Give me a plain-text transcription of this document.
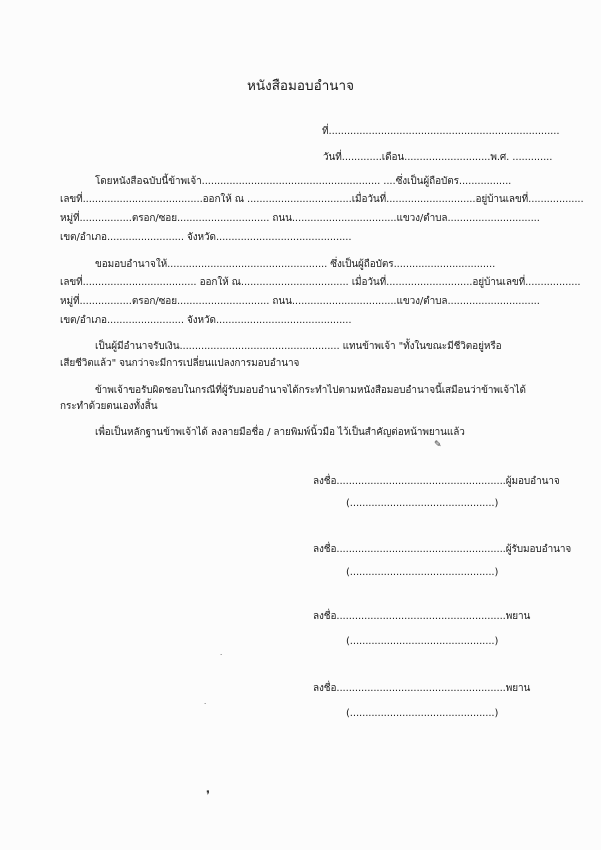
หนังสือมอบอำนาจ
ที่...........................................................................
วันที่.............เดือน............................พ.ศ. .............
โดยหนังสือฉบับนี้ข้าพเจ้า.......................................................... ....ซึ่งเป็นผู้ถือบัตร.................
เลขที่.......................................ออกให้ ณ ..................................เมื่อวันที่.............................อยู่บ้านเลขที่..................
หมู่ที่.................ตรอก/ซอย.............................. ถนน..................................แขวง/ตำบล..............................
เขต/อำเภอ......................... จังหวัด............................................
ขอมอบอำนาจให้.................................................... ซึ่งเป็นผู้ถือบัตร.................................
เลขที่..................................... ออกให้ ณ................................... เมื่อวันที่............................อยู่บ้านเลขที่..................
หมู่ที่.................ตรอก/ซอย.............................. ถนน..................................แขวง/ตำบล..............................
เขต/อำเภอ......................... จังหวัด............................................
เป็นผู้มีอำนาจรับเงิน.................................................... แทนข้าพเจ้า "ทั้งในขณะมีชีวิตอยู่หรือ
เสียชีวิตแล้ว" จนกว่าจะมีการเปลี่ยนแปลงการมอบอำนาจ
ข้าพเจ้าขอรับผิดชอบในกรณีที่ผู้รับมอบอำนาจได้กระทำไปตามหนังสือมอบอำนาจนี้เสมือนว่าข้าพเจ้าได้
กระทำด้วยตนเองทั้งสิ้น
เพื่อเป็นหลักฐานข้าพเจ้าได้ ลงลายมือชื่อ / ลายพิมพ์นิ้วมือ ไว้เป็นสำคัญต่อหน้าพยานแล้ว
✎
ลงชื่อ.......................................................ผู้มอบอำนาจ
(...............................................)
ลงชื่อ.......................................................ผู้รับมอบอำนาจ
(...............................................)
ลงชื่อ.......................................................พยาน
(...............................................)
ลงชื่อ.......................................................พยาน
(...............................................)
·
·
❜
